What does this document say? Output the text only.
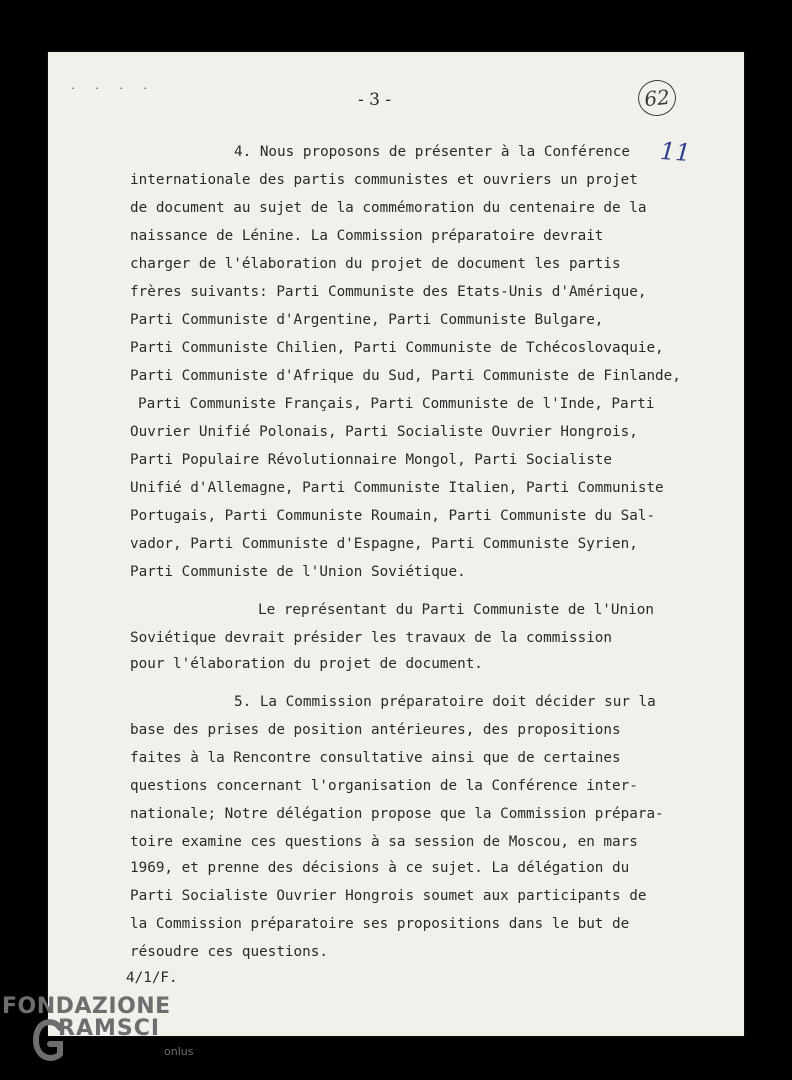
. . . .
- 3 -	62
11
4. Nous proposons de présenter à la Conférence
internationale des partis communistes et ouvriers un projet
de document au sujet de la commémoration du centenaire de la
naissance de Lénine. La Commission préparatoire devrait
charger de l'élaboration du projet de document les partis
frères suivants: Parti Communiste des Etats-Unis d'Amérique,
Parti Communiste d'Argentine, Parti Communiste Bulgare,
Parti Communiste Chilien, Parti Communiste de Tchécoslovaquie,
Parti Communiste d'Afrique du Sud, Parti Communiste de Finlande,
Parti Communiste Français, Parti Communiste de l'Inde, Parti
Ouvrier Unifié Polonais, Parti Socialiste Ouvrier Hongrois,
Parti Populaire Révolutionnaire Mongol, Parti Socialiste
Unifié d'Allemagne, Parti Communiste Italien, Parti Communiste
Portugais, Parti Communiste Roumain, Parti Communiste du Sal-
vador, Parti Communiste d'Espagne, Parti Communiste Syrien,
Parti Communiste de l'Union Soviétique.
Le représentant du Parti Communiste de l'Union
Soviétique devrait présider les travaux de la commission
pour l'élaboration du projet de document.
5. La Commission préparatoire doit décider sur la
base des prises de position antérieures, des propositions
faites à la Rencontre consultative ainsi que de certaines
questions concernant l'organisation de la Conférence inter-
nationale; Notre délégation propose que la Commission prépara-
toire examine ces questions à sa session de Moscou, en mars
1969, et prenne des décisions à ce sujet. La délégation du
Parti Socialiste Ouvrier Hongrois soumet aux participants de
la Commission préparatoire ses propositions dans le but de
résoudre ces questions.
4/1/F.
FONDAZIONE
RAMSCI
onlus
